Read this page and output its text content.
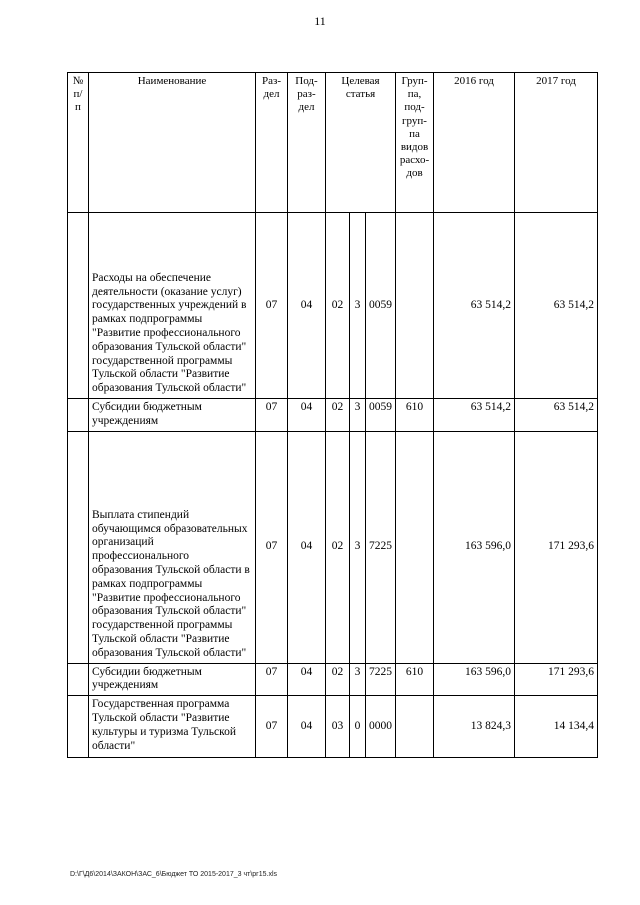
11
№ п/п	Наименование	Раз-дел	Под-раз-дел	Целевая статья			Груп-па, под-груп-па видов расхо-дов	2016 год	2017 год
	Расходы на обеспечение деятельности (оказание услуг) государственных учреждений в рамках подпрограммы "Развитие профессионального образования Тульской области" государственной программы Тульской области "Развитие образования Тульской области"	07	04	02	3	0059		63 514,2	63 514,2
	Субсидии бюджетным учреждениям	07	04	02	3	0059	610	63 514,2	63 514,2
	Выплата стипендий обучающимся образовательных организаций профессионального образования Тульской области в рамках подпрограммы "Развитие профессионального образования Тульской области" государственной программы Тульской области "Развитие образования Тульской области"	07	04	02	3	7225		163 596,0	171 293,6
	Субсидии бюджетным учреждениям	07	04	02	3	7225	610	163 596,0	171 293,6
	Государственная программа Тульской области "Развитие культуры и туризма Тульской области"	07	04	03	0	0000		13 824,3	14 134,4
D:\Г\Д6\2014\ЗАКОН\ЗАС_6\Бюджет ТО 2015-2017_3 чт\рг15.xls
